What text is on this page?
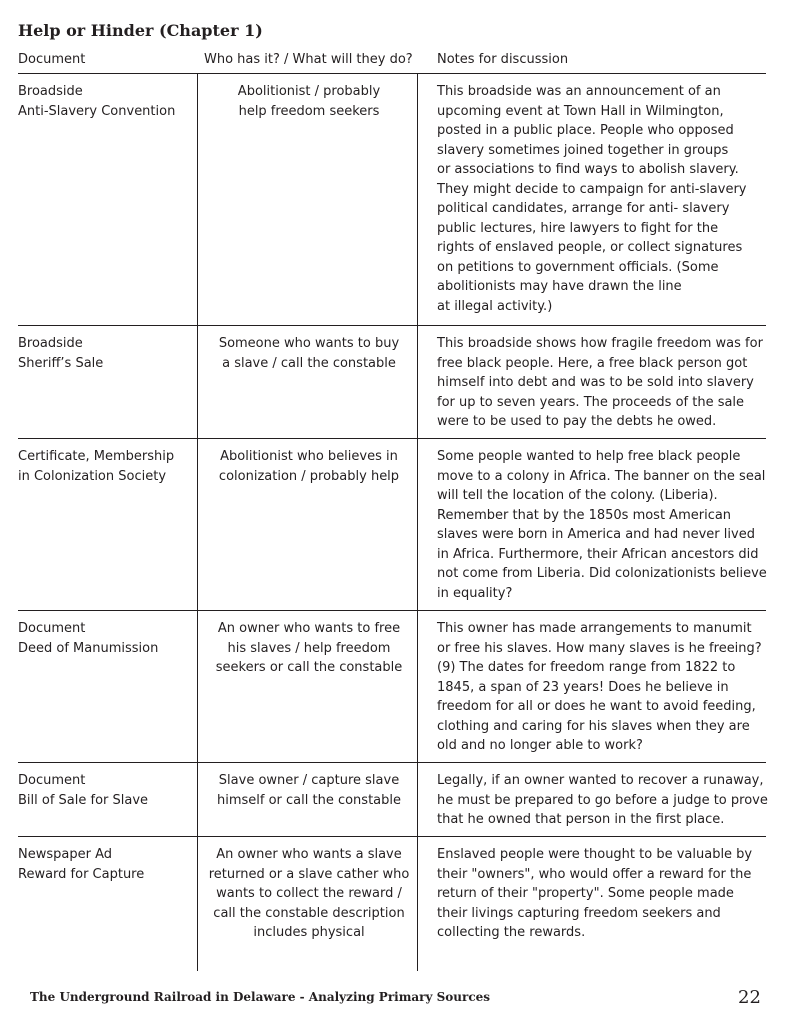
Help or Hinder (Chapter 1)
Document	Who has it? / What will they do? Notes for discussion
Broadside
Anti-Slavery Convention
Abolitionist / probably
help freedom seekers
This broadside was an announcement of an
upcoming event at Town Hall in Wilmington,
posted in a public place. People who opposed
slavery sometimes joined together in groups
or associations to find ways to abolish slavery.
They might decide to campaign for anti-slavery
political candidates, arrange for anti- slavery
public lectures, hire lawyers to fight for the
rights of enslaved people, or collect signatures
on petitions to government officials. (Some
abolitionists may have drawn the line
at illegal activity.)
Broadside
Sheriff’s Sale
Someone who wants to buy
a slave / call the constable
This broadside shows how fragile freedom was for
free black people. Here, a free black person got
himself into debt and was to be sold into slavery
for up to seven years. The proceeds of the sale
were to be used to pay the debts he owed.
Certificate, Membership
in Colonization Society
Abolitionist who believes in
colonization / probably help
Some people wanted to help free black people
move to a colony in Africa. The banner on the seal
will tell the location of the colony. (Liberia).
Remember that by the 1850s most American
slaves were born in America and had never lived
in Africa. Furthermore, their African ancestors did
not come from Liberia. Did colonizationists believe
in equality?
Document
Deed of Manumission
An owner who wants to free
his slaves / help freedom
seekers or call the constable
This owner has made arrangements to manumit
or free his slaves. How many slaves is he freeing?
(9) The dates for freedom range from 1822 to
1845, a span of 23 years! Does he believe in
freedom for all or does he want to avoid feeding,
clothing and caring for his slaves when they are
old and no longer able to work?
Document
Bill of Sale for Slave
Slave owner / capture slave
himself or call the constable
Legally, if an owner wanted to recover a runaway,
he must be prepared to go before a judge to prove
that he owned that person in the first place.
Newspaper Ad
Reward for Capture
An owner who wants a slave
returned or a slave cather who
wants to collect the reward /
call the constable description
includes physical
Enslaved people were thought to be valuable by
their "owners", who would offer a reward for the
return of their "property". Some people made
their livings capturing freedom seekers and
collecting the rewards.
The Underground Railroad in Delaware - Analyzing Primary Sources	22
